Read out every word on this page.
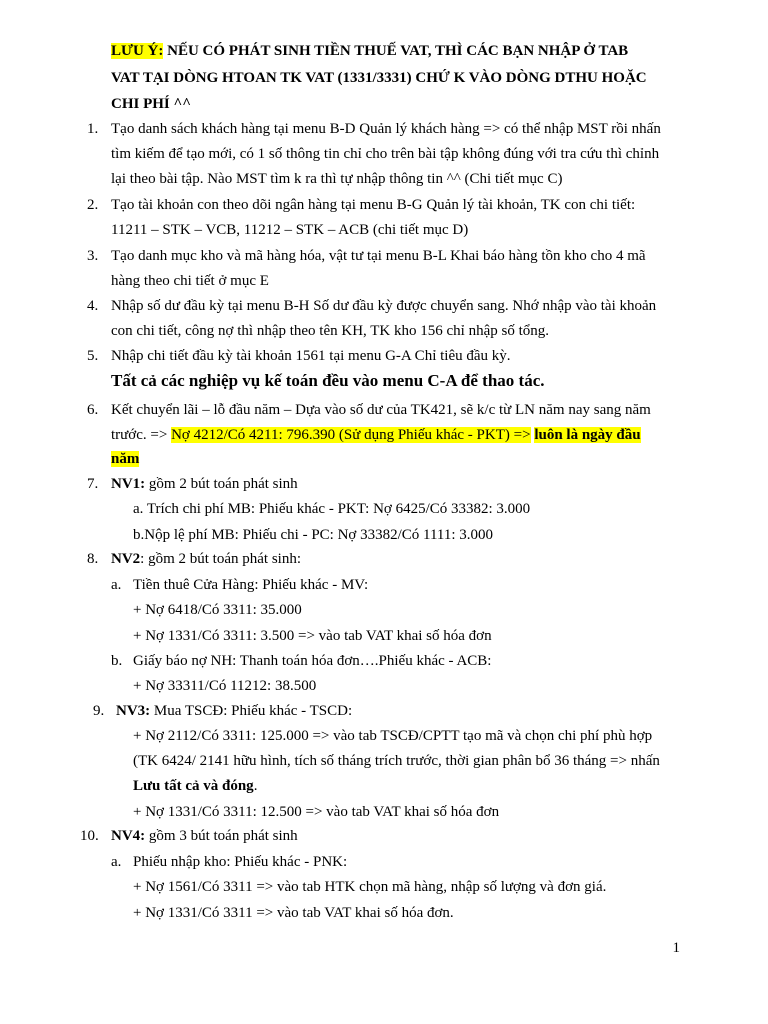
LƯU Ý: NẾU CÓ PHÁT SINH TIỀN THUẾ VAT, THÌ CÁC BẠN NHẬP Ở TAB
VAT TẠI DÒNG HTOAN TK VAT (1331/3331) CHỨ K VÀO DÒNG DTHU HOẶC
CHI PHÍ ^^
1. Tạo danh sách khách hàng tại menu B-D Quản lý khách hàng => có thể nhập MST rồi nhấn
tìm kiếm để tạo mới, có 1 số thông tin chỉ cho trên bài tập không đúng với tra cứu thì chỉnh
lại theo bài tập. Nào MST tìm k ra thì tự nhập thông tin ^^ (Chi tiết mục C)
2. Tạo tài khoản con theo dõi ngân hàng tại menu B-G Quản lý tài khoản, TK con chi tiết:
11211 – STK – VCB, 11212 – STK – ACB (chi tiết mục D)
3. Tạo danh mục kho và mã hàng hóa, vật tư tại menu B-L Khai báo hàng tồn kho cho 4 mã
hàng theo chi tiết ở mục E
4. Nhập số dư đầu kỳ tại menu B-H Số dư đầu kỳ được chuyển sang. Nhớ nhập vào tài khoản
con chi tiết, công nợ thì nhập theo tên KH, TK kho 156 chỉ nhập số tổng.
5. Nhập chi tiết đầu kỳ tài khoản 1561 tại menu G-A Chỉ tiêu đầu kỳ.
Tất cả các nghiệp vụ kế toán đều vào menu C-A để thao tác.
6. Kết chuyển lãi – lỗ đầu năm – Dựa vào số dư của TK421, sẽ k/c từ LN năm nay sang năm
trước. => Nợ 4212/Có 4211: 796.390 (Sử dụng Phiếu khác - PKT) => luôn là ngày đầu
năm
7. NV1: gồm 2 bút toán phát sinh
a. Trích chi phí MB: Phiếu khác - PKT: Nợ 6425/Có 33382: 3.000
b.Nộp lệ phí MB: Phiếu chi - PC: Nợ 33382/Có 1111: 3.000
8. NV2: gồm 2 bút toán phát sinh:
a. Tiền thuê Cửa Hàng: Phiếu khác - MV:
+ Nợ 6418/Có 3311: 35.000
+ Nợ 1331/Có 3311: 3.500 => vào tab VAT khai số hóa đơn
b. Giấy báo nợ NH: Thanh toán hóa đơn….Phiếu khác - ACB:
+ Nợ 33311/Có 11212: 38.500
9. NV3: Mua TSCĐ: Phiếu khác - TSCD:
+ Nợ 2112/Có 3311: 125.000 => vào tab TSCĐ/CPTT tạo mã và chọn chi phí phù hợp
(TK 6424/ 2141 hữu hình, tích số tháng trích trước, thời gian phân bổ 36 tháng => nhấn
Lưu tất cả và đóng.
+ Nợ 1331/Có 3311: 12.500 => vào tab VAT khai số hóa đơn
10. NV4: gồm 3 bút toán phát sinh
a. Phiếu nhập kho: Phiếu khác - PNK:
+ Nợ 1561/Có 3311 => vào tab HTK chọn mã hàng, nhập số lượng và đơn giá.
+ Nợ 1331/Có 3311 => vào tab VAT khai số hóa đơn.
1
